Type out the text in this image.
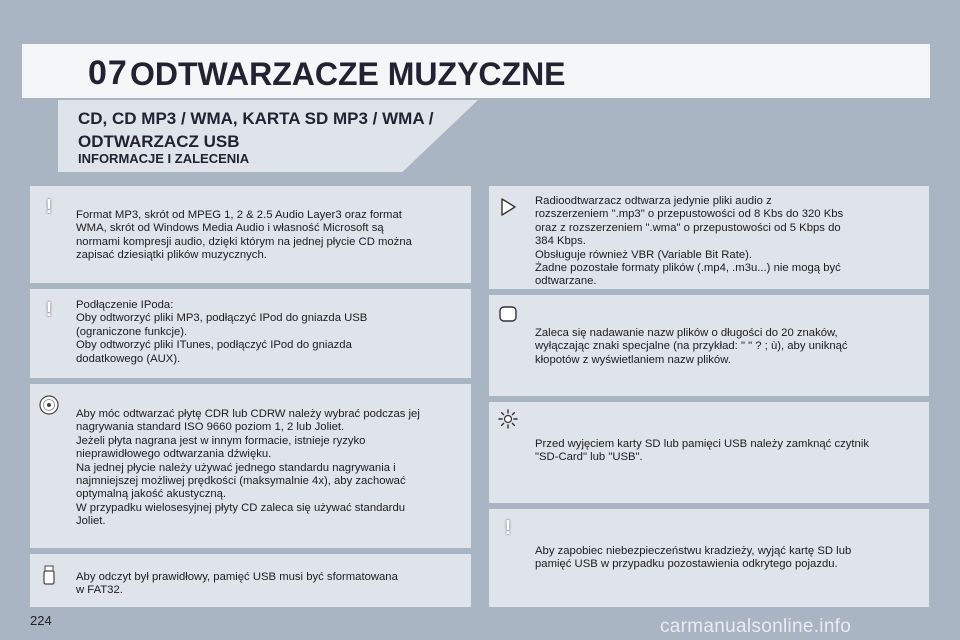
07 ODTWARZACZE MUZYCZNE
CD, CD MP3 / WMA, KARTA SD MP3 / WMA / ODTWARZACZ USB
INFORMACJE I ZALECENIA
! Format MP3, skrót od MPEG 1, 2 & 2.5 Audio Layer3 oraz format
WMA, skrót od Windows Media Audio i własność Microsoft są
normami kompresji audio, dzięki którym na jednej płycie CD można
zapisać dziesiątki plików muzycznych.
! Podłączenie IPoda:
Oby odtworzyć pliki MP3, podłączyć IPod do gniazda USB
(ograniczone funkcje).
Oby odtworzyć pliki ITunes, podłączyć IPod do gniazda
dodatkowego (AUX).
Aby móc odtwarzać płytę CDR lub CDRW należy wybrać podczas jej
nagrywania standard ISO 9660 poziom 1, 2 lub Joliet.
Jeżeli płyta nagrana jest w innym formacie, istnieje ryzyko
nieprawidłowego odtwarzania dźwięku.
Na jednej płycie należy używać jednego standardu nagrywania i
najmniejszej możliwej prędkości (maksymalnie 4x), aby zachować
optymalną jakość akustyczną.
W przypadku wielosesyjnej płyty CD zaleca się używać standardu
Joliet.
Aby odczyt był prawidłowy, pamięć USB musi być sformatowana
w FAT32.
Radioodtwarzacz odtwarza jedynie pliki audio z
rozszerzeniem ".mp3" o przepustowości od 8 Kbs do 320 Kbs
oraz z rozszerzeniem ".wma" o przepustowości od 5 Kbps do
384 Kbps.
Obsługuje również VBR (Variable Bit Rate).
Żadne pozostałe formaty plików (.mp4, .m3u...) nie mogą być
odtwarzane.
Zaleca się nadawanie nazw plików o długości do 20 znaków,
wyłączając znaki specjalne (na przykład: " " ? ; ù), aby uniknąć
kłopotów z wyświetlaniem nazw plików.
Przed wyjęciem karty SD lub pamięci USB należy zamknąć czytnik
"SD-Card" lub "USB".
!
Aby zapobiec niebezpieczeństwu kradzieży, wyjąć kartę SD lub
pamięć USB w przypadku pozostawienia odkrytego pojazdu.
224	carmanualsonline.info
